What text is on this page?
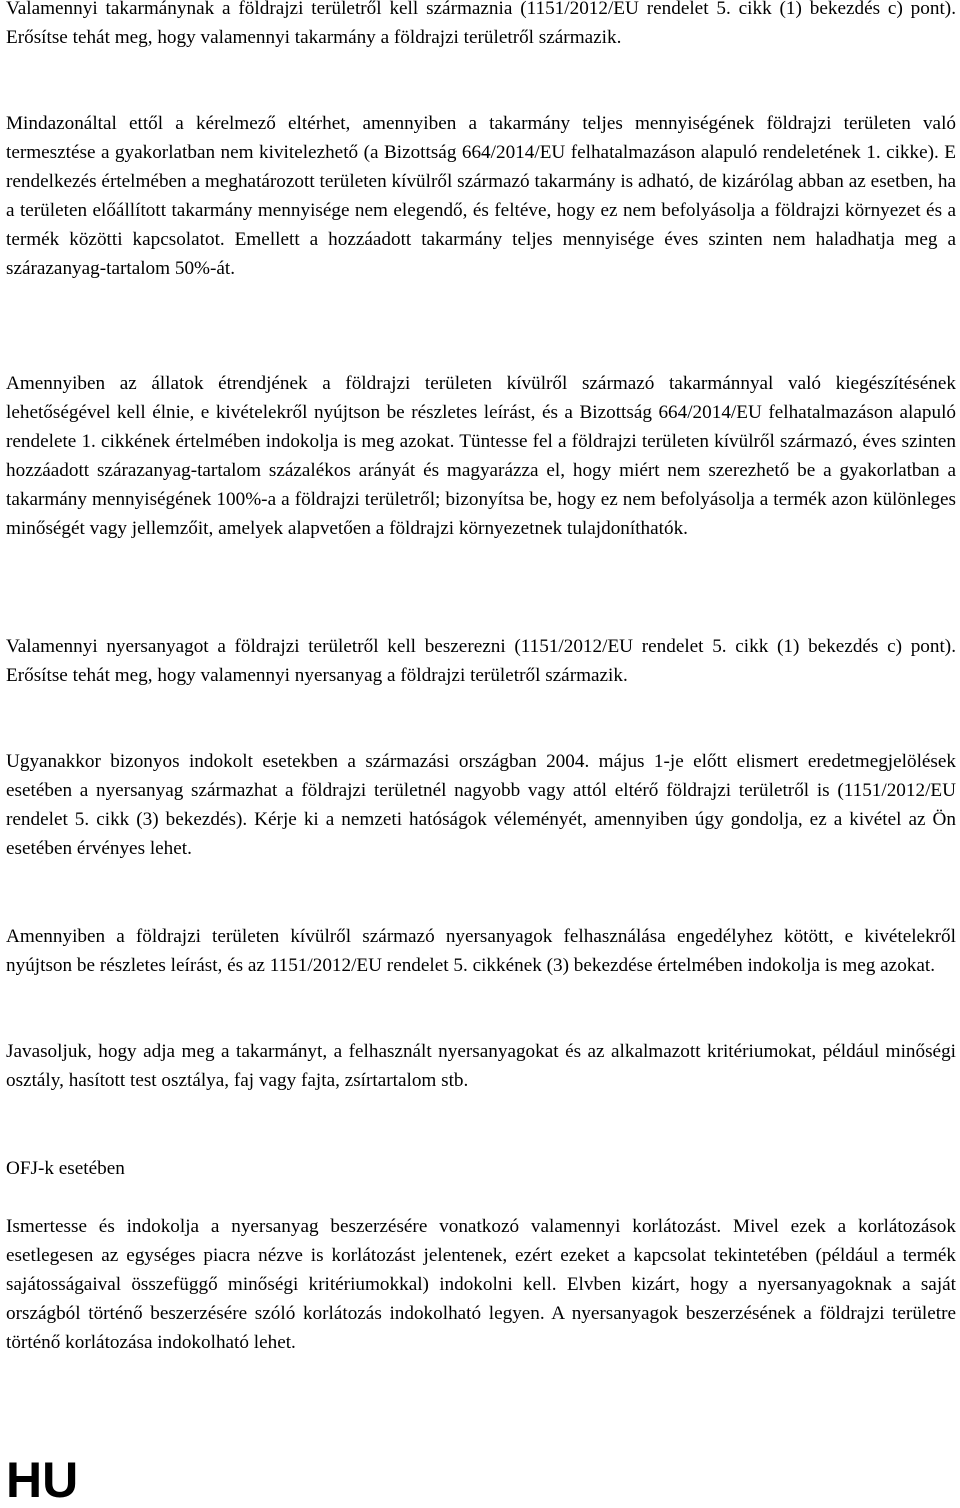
Valamennyi takarmánynak a földrajzi területről kell származnia (1151/2012/EU rendelet 5. cikk (1) bekezdés c) pont). Erősítse tehát meg, hogy valamennyi takarmány a földrajzi területről származik.

Mindazonáltal ettől a kérelmező eltérhet, amennyiben a takarmány teljes mennyiségének földrajzi területen való termesztése a gyakorlatban nem kivitelezhető (a Bizottság 664/2014/EU felhatalmazáson alapuló rendeletének 1. cikke). E rendelkezés értelmében a meghatározott területen kívülről származó takarmány is adható, de kizárólag abban az esetben, ha a területen előállított takarmány mennyisége nem elegendő, és feltéve, hogy ez nem befolyásolja a földrajzi környezet és a termék közötti kapcsolatot. Emellett a hozzáadott takarmány teljes mennyisége éves szinten nem haladhatja meg a szárazanyag-tartalom 50%-át.

Amennyiben az állatok étrendjének a földrajzi területen kívülről származó takarmánnyal való kiegészítésének lehetőségével kell élnie, e kivételekről nyújtson be részletes leírást, és a Bizottság 664/2014/EU felhatalmazáson alapuló rendelete 1. cikkének értelmében indokolja is meg azokat. Tüntesse fel a földrajzi területen kívülről származó, éves szinten hozzáadott szárazanyag-tartalom százalékos arányát és magyarázza el, hogy miért nem szerezhető be a gyakorlatban a takarmány mennyiségének 100%-a a földrajzi területről; bizonyítsa be, hogy ez nem befolyásolja a termék azon különleges minőségét vagy jellemzőit, amelyek alapvetően a földrajzi környezetnek tulajdoníthatók.

Valamennyi nyersanyagot a földrajzi területről kell beszerezni (1151/2012/EU rendelet 5. cikk (1) bekezdés c) pont). Erősítse tehát meg, hogy valamennyi nyersanyag a földrajzi területről származik.

Ugyanakkor bizonyos indokolt esetekben a származási országban 2004. május 1-je előtt elismert eredetmegjelölések esetében a nyersanyag származhat a földrajzi területnél nagyobb vagy attól eltérő földrajzi területről is (1151/2012/EU rendelet 5. cikk (3) bekezdés). Kérje ki a nemzeti hatóságok véleményét, amennyiben úgy gondolja, ez a kivétel az Ön esetében érvényes lehet.

Amennyiben a földrajzi területen kívülről származó nyersanyagok felhasználása engedélyhez kötött, e kivételekről nyújtson be részletes leírást, és az 1151/2012/EU rendelet 5. cikkének (3) bekezdése értelmében indokolja is meg azokat.

Javasoljuk, hogy adja meg a takarmányt, a felhasznált nyersanyagokat és az alkalmazott kritériumokat, például minőségi osztály, hasított test osztálya, faj vagy fajta, zsírtartalom stb.

OFJ-k esetében

Ismertesse és indokolja a nyersanyag beszerzésére vonatkozó valamennyi korlátozást. Mivel ezek a korlátozások esetlegesen az egységes piacra nézve is korlátozást jelentenek, ezért ezeket a kapcsolat tekintetében (például a termék sajátosságaival összefüggő minőségi kritériumokkal) indokolni kell. Elvben kizárt, hogy a nyersanyagoknak a saját országból történő beszerzésére szóló korlátozás indokolható legyen. A nyersanyagok beszerzésének a földrajzi területre történő korlátozása indokolható lehet.

HU
